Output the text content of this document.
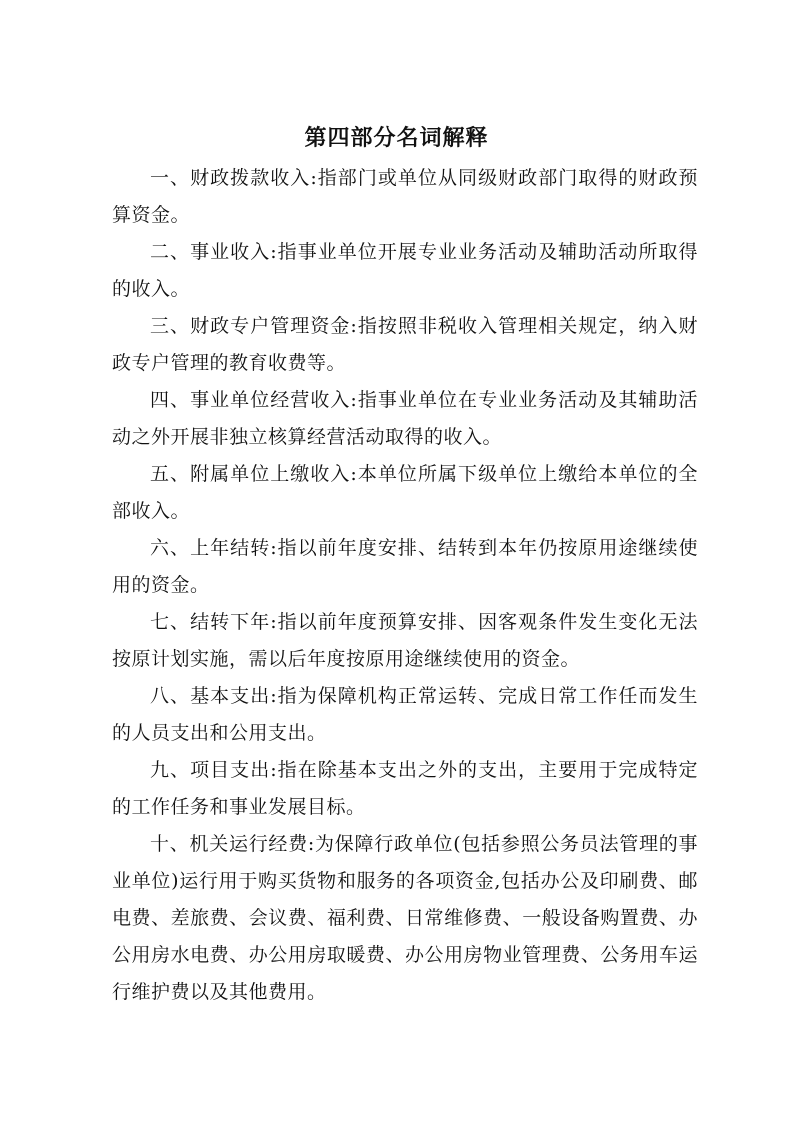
第四部分名词解释

一、财政拨款收入:指部门或单位从同级财政部门取得的财政预算资金。

二、事业收入:指事业单位开展专业业务活动及辅助活动所取得的收入。

三、财政专户管理资金:指按照非税收入管理相关规定，纳入财政专户管理的教育收费等。

四、事业单位经营收入:指事业单位在专业业务活动及其辅助活动之外开展非独立核算经营活动取得的收入。

五、附属单位上缴收入:本单位所属下级单位上缴给本单位的全部收入。

六、上年结转:指以前年度安排、结转到本年仍按原用途继续使用的资金。

七、结转下年:指以前年度预算安排、因客观条件发生变化无法按原计划实施，需以后年度按原用途继续使用的资金。

八、基本支出:指为保障机构正常运转、完成日常工作任而发生的人员支出和公用支出。

九、项目支出:指在除基本支出之外的支出，主要用于完成特定的工作任务和事业发展目标。

十、机关运行经费:为保障行政单位(包括参照公务员法管理的事业单位)运行用于购买货物和服务的各项资金,包括办公及印刷费、邮电费、差旅费、会议费、福利费、日常维修费、一般设备购置费、办公用房水电费、办公用房取暖费、办公用房物业管理费、公务用车运行维护费以及其他费用。
